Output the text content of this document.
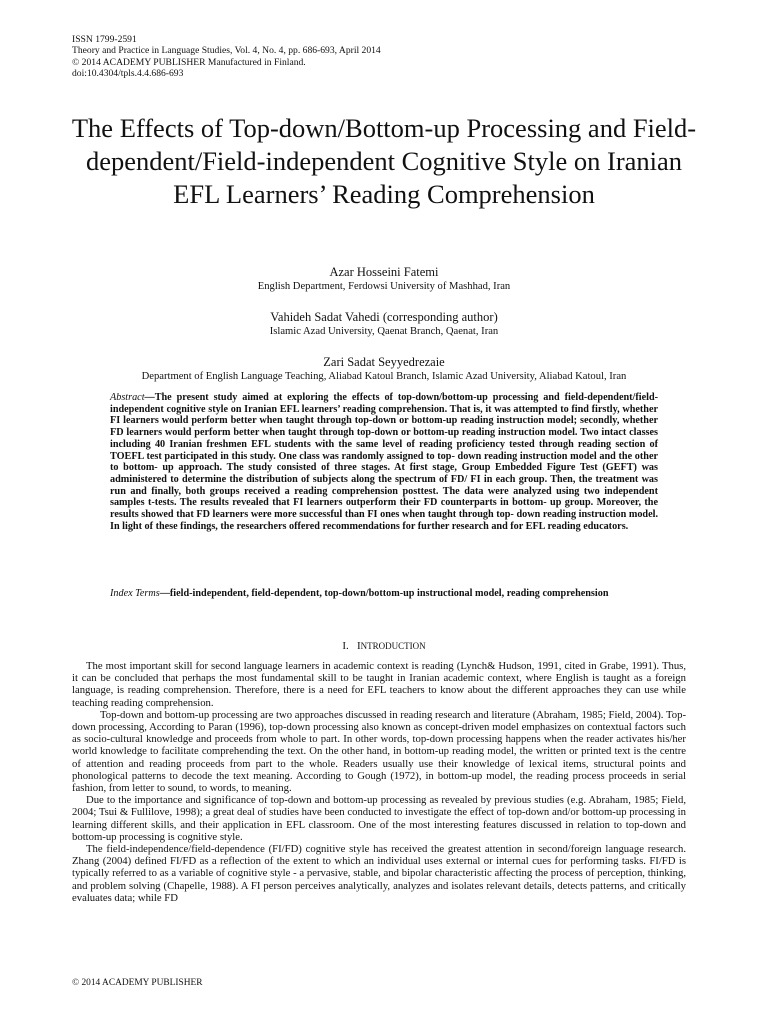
ISSN 1799-2591
Theory and Practice in Language Studies, Vol. 4, No. 4, pp. 686-693, April 2014
© 2014 ACADEMY PUBLISHER Manufactured in Finland.
doi:10.4304/tpls.4.4.686-693
The Effects of Top-down/Bottom-up Processing and Field-dependent/Field-independent Cognitive Style on Iranian EFL Learners’ Reading Comprehension
Azar Hosseini Fatemi
English Department, Ferdowsi University of Mashhad, Iran
Vahideh Sadat Vahedi (corresponding author)
Islamic Azad University, Qaenat Branch, Qaenat, Iran
Zari Sadat Seyyedrezaie
Department of English Language Teaching, Aliabad Katoul Branch, Islamic Azad University, Aliabad Katoul, Iran
Abstract—The present study aimed at exploring the effects of top-down/bottom-up processing and field-dependent/field-independent cognitive style on Iranian EFL learners’ reading comprehension. That is, it was attempted to find firstly, whether FI learners would perform better when taught through top-down or bottom-up reading instruction model; secondly, whether FD learners would perform better when taught through top-down or bottom-up reading instruction model. Two intact classes including 40 Iranian freshmen EFL students with the same level of reading proficiency tested through reading section of TOEFL test participated in this study. One class was randomly assigned to top- down reading instruction model and the other to bottom- up approach. The study consisted of three stages. At first stage, Group Embedded Figure Test (GEFT) was administered to determine the distribution of subjects along the spectrum of FD/ FI in each group. Then, the treatment was run and finally, both groups received a reading comprehension posttest. The data were analyzed using two independent samples t-tests. The results revealed that FI learners outperform their FD counterparts in bottom- up group. Moreover, the results showed that FD learners were more successful than FI ones when taught through top- down reading instruction model. In light of these findings, the researchers offered recommendations for further research and for EFL reading educators.
Index Terms—field-independent, field-dependent, top-down/bottom-up instructional model, reading comprehension
I. INTRODUCTION

The most important skill for second language learners in academic context is reading (Lynch& Hudson, 1991, cited in Grabe, 1991). Thus, it can be concluded that perhaps the most fundamental skill to be taught in Iranian academic context, where English is taught as a foreign language, is reading comprehension. Therefore, there is a need for EFL teachers to know about the different approaches they can use while teaching reading comprehension.

Top-down and bottom-up processing are two approaches discussed in reading research and literature (Abraham, 1985; Field, 2004). Top-down processing, According to Paran (1996), top-down processing also known as concept-driven model emphasizes on contextual factors such as socio-cultural knowledge and proceeds from whole to part. In other words, top-down processing happens when the reader activates his/her world knowledge to facilitate comprehending the text. On the other hand, in bottom-up reading model, the written or printed text is the centre of attention and reading proceeds from part to the whole. Readers usually use their knowledge of lexical items, structural points and phonological patterns to decode the text meaning. According to Gough (1972), in bottom-up model, the reading process proceeds in serial fashion, from letter to sound, to words, to meaning.

Due to the importance and significance of top-down and bottom-up processing as revealed by previous studies (e.g. Abraham, 1985; Field, 2004; Tsui & Fullilove, 1998); a great deal of studies have been conducted to investigate the effect of top-down and/or bottom-up processing in learning different skills, and their application in EFL classroom. One of the most interesting features discussed in relation to top-down and bottom-up processing is cognitive style.

The field-independence/field-dependence (FI/FD) cognitive style has received the greatest attention in second/foreign language research. Zhang (2004) defined FI/FD as a reflection of the extent to which an individual uses external or internal cues for performing tasks. FI/FD is typically referred to as a variable of cognitive style - a pervasive, stable, and bipolar characteristic affecting the process of perception, thinking, and problem solving (Chapelle, 1988). A FI person perceives analytically, analyzes and isolates relevant details, detects patterns, and critically evaluates data; while FD

© 2014 ACADEMY PUBLISHER
